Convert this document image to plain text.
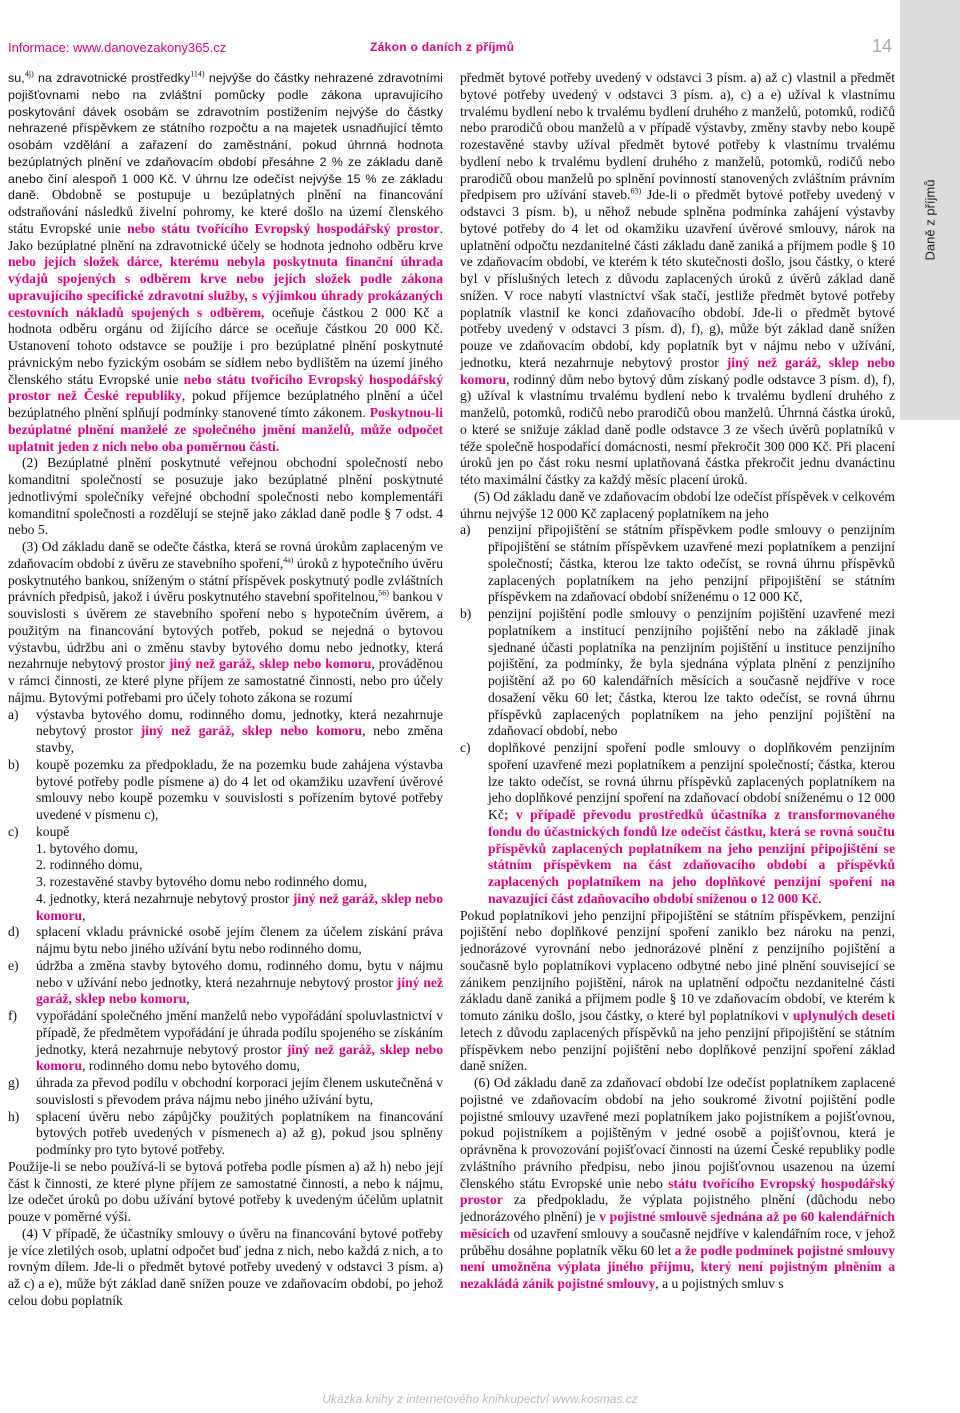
Informace: www.danovezakony365.cz	Zákon o daních z příjmů	14
Daně z příjmů

su,$^{4j)}$ na zdravotnické prostředky$^{114)}$ nejvýše do částky nehrazené zdravotními pojišťovnami nebo na zvláštní pomůcky podle zákona upravujícího poskytování dávek osobám se zdravotním postižením nejvýše do částky nehrazené příspěvkem ze státního rozpočtu a na majetek usnadňující těmto osobám vzdělání a zařazení do zaměstnání, pokud úhrnná hodnota bezúplatných plnění ve zdaňovacím období přesáhne 2 % ze základu daně anebo činí alespoň 1 000 Kč. V úhrnu lze odečíst nejvýše 15 % ze základu daně. Obdobně se postupuje u bezúplatných plnění na financování odstraňování následků živelní pohromy, ke které došlo na území členského státu Evropské unie nebo státu tvořícího Evropský hospodářský prostor. Jako bezúplatné plnění na zdravotnické účely se hodnota jednoho odběru krve nebo jejích složek dárce, kterému nebyla poskytnuta finanční úhrada výdajů spojených s odběrem krve nebo jejích složek podle zákona upravujícího specifické zdravotní služby, s výjimkou úhrady prokázaných cestovních nákladů spojených s odběrem, oceňuje částkou 2 000 Kč a hodnota odběru orgánu od žijícího dárce se oceňuje částkou 20 000 Kč. Ustanovení tohoto odstavce se použije i pro bezúplatné plnění poskytnuté právnickým nebo fyzickým osobám se sídlem nebo bydlištěm na území jiného členského státu Evropské unie nebo státu tvořícího Evropský hospodářský prostor než České republiky, pokud příjemce bezúplatného plnění a účel bezúplatného plnění splňují podmínky stanovené tímto zákonem. Poskytnou-li bezúplatné plnění manželé ze společného jmění manželů, může odpočet uplatnit jeden z nich nebo oba poměrnou částí.

(2) Bezúplatné plnění poskytnuté veřejnou obchodní společností nebo komanditní společností se posuzuje jako bezúplatné plnění poskytnuté jednotlivými společníky veřejné obchodní společnosti nebo komplementáři komanditní společnosti a rozdělují se stejně jako základ daně podle § 7 odst. 4 nebo 5.

(3) Od základu daně se odečte částka, která se rovná úrokům zaplaceným ve zdaňovacím období z úvěru ze stavebního spoření,$^{4a)}$ úroků z hypotečního úvěru poskytnutého bankou, sníženým o státní příspěvek poskytnutý podle zvláštních právních předpisů, jakož i úvěru poskytnutého stavební spořitelnou,$^{56)}$ bankou v souvislosti s úvěrem ze stavebního spoření nebo s hypotečním úvěrem, a použitým na financování bytových potřeb, pokud se nejedná o bytovou výstavbu, údržbu ani o změnu stavby bytového domu nebo jednotky, která nezahrnuje nebytový prostor jiný než garáž, sklep nebo komoru, prováděnou v rámci činnosti, ze které plyne příjem ze samostatné činnosti, nebo pro účely nájmu. Bytovými potřebami pro účely tohoto zákona se rozumí

a)	výstavba bytového domu, rodinného domu, jednotky, která nezahrnuje nebytový prostor jiný než garáž, sklep nebo komoru, nebo změna stavby,
b)	koupě pozemku za předpokladu, že na pozemku bude zahájena výstavba bytové potřeby podle písmene a) do 4 let od okamžiku uzavření úvěrové smlouvy nebo koupě pozemku v souvislosti s pořízením bytové potřeby uvedené v písmenu c),
c)	koupě
1. bytového domu,
2. rodinného domu,
3. rozestavěné stavby bytového domu nebo rodinného domu,
4. jednotky, která nezahrnuje nebytový prostor jiný než garáž, sklep nebo komoru,
d)	splacení vkladu právnické osobě jejím členem za účelem získání práva nájmu bytu nebo jiného užívání bytu nebo rodinného domu,
e)	údržba a změna stavby bytového domu, rodinného domu, bytu v nájmu nebo v užívání nebo jednotky, která nezahrnuje nebytový prostor jiný než garáž, sklep nebo komoru,
f)	vypořádání společného jmění manželů nebo vypořádání spoluvlastnictví v případě, že předmětem vypořádání je úhrada podílu spojeného se získáním jednotky, která nezahrnuje nebytový prostor jiný než garáž, sklep nebo komoru, rodinného domu nebo bytového domu,
g)	úhrada za převod podílu v obchodní korporaci jejím členem uskutečněná v souvislosti s převodem práva nájmu nebo jiného užívání bytu,
h)	splacení úvěru nebo zápůjčky použitých poplatníkem na financování bytových potřeb uvedených v písmenech a) až g), pokud jsou splněny podmínky pro tyto bytové potřeby.

Použije-li se nebo používá-li se bytová potřeba podle písmen a) až h) nebo její část k činnosti, ze které plyne příjem ze samostatné činnosti, a nebo k nájmu, lze odečet úroků po dobu užívání bytové potřeby k uvedeným účelům uplatnit pouze v poměrné výši.

(4) V případě, že účastníky smlouvy o úvěru na financování bytové potřeby je více zletilých osob, uplatní odpočet buď jedna z nich, nebo každá z nich, a to rovným dílem. Jde-li o předmět bytové potřeby uvedený v odstavci 3 písm. a) až c) a e), může být základ daně snížen pouze ve zdaňovacím období, po jehož celou dobu poplatník

předmět bytové potřeby uvedený v odstavci 3 písm. a) až c) vlastnil a předmět bytové potřeby uvedený v odstavci 3 písm. a), c) a e) užíval k vlastnímu trvalému bydlení nebo k trvalému bydlení druhého z manželů, potomků, rodičů nebo prarodičů obou manželů a v případě výstavby, změny stavby nebo koupě rozestavěné stavby užíval předmět bytové potřeby k vlastnímu trvalému bydlení nebo k trvalému bydlení druhého z manželů, potomků, rodičů nebo prarodičů obou manželů po splnění povinností stanovených zvláštním právním předpisem pro užívání staveb.$^{63)}$ Jde-li o předmět bytové potřeby uvedený v odstavci 3 písm. b), u něhož nebude splněna podmínka zahájení výstavby bytové potřeby do 4 let od okamžiku uzavření úvěrové smlouvy, nárok na uplatnění odpočtu nezdanitelné části základu daně zaniká a příjmem podle § 10 ve zdaňovacím období, ve kterém k této skutečnosti došlo, jsou částky, o které byl v příslušných letech z důvodu zaplacených úroků z úvěrů základ daně snížen. V roce nabytí vlastnictví však stačí, jestliže předmět bytové potřeby poplatník vlastnil ke konci zdaňovacího období. Jde-li o předmět bytové potřeby uvedený v odstavci 3 písm. d), f), g), může být základ daně snížen pouze ve zdaňovacím období, kdy poplatník byt v nájmu nebo v užívání, jednotku, která nezahrnuje nebytový prostor jiný než garáž, sklep nebo komoru, rodinný dům nebo bytový dům získaný podle odstavce 3 písm. d), f), g) užíval k vlastnímu trvalému bydlení nebo k trvalému bydlení druhého z manželů, potomků, rodičů nebo prarodičů obou manželů. Úhrnná částka úroků, o které se snižuje základ daně podle odstavce 3 ze všech úvěrů poplatníků v téže společně hospodařící domácnosti, nesmí překročit 300 000 Kč. Při placení úroků jen po část roku nesmí uplatňovaná částka překročit jednu dvanáctinu této maximální částky za každý měsíc placení úroků.

(5) Od základu daně ve zdaňovacím období lze odečíst příspěvek v celkovém úhrnu nejvýše 12 000 Kč zaplacený poplatníkem na jeho

a)	penzijní připojištění se státním příspěvkem podle smlouvy o penzijním připojištění se státním příspěvkem uzavřené mezi poplatníkem a penzijní společností; částka, kterou lze takto odečíst, se rovná úhrnu příspěvků zaplacených poplatníkem na jeho penzijní připojištění se státním příspěvkem na zdaňovací období sníženému o 12 000 Kč,
b)	penzijní pojištění podle smlouvy o penzijním pojištění uzavřené mezi poplatníkem a institucí penzijního pojištění nebo na základě jinak sjednané účasti poplatníka na penzijním pojištění u instituce penzijního pojištění, za podmínky, že byla sjednána výplata plnění z penzijního pojištění až po 60 kalendářních měsících a současně nejdříve v roce dosažení věku 60 let; částka, kterou lze takto odečíst, se rovná úhrnu příspěvků zaplacených poplatníkem na jeho penzijní pojištění na zdaňovací období, nebo
c)	doplňkové penzijní spoření podle smlouvy o doplňkovém penzijním spoření uzavřené mezi poplatníkem a penzijní společností; částka, kterou lze takto odečíst, se rovná úhrnu příspěvků zaplacených poplatníkem na jeho doplňkové penzijní spoření na zdaňovací období sníženému o 12 000 Kč; v případě převodu prostředků účastníka z transformovaného fondu do účastnických fondů lze odečíst částku, která se rovná součtu příspěvků zaplacených poplatníkem na jeho penzijní připojištění se státním příspěvkem na část zdaňovacího období a příspěvků zaplacených poplatníkem na jeho doplňkové penzijní spoření na navazující část zdaňovacího období sníženou o 12 000 Kč.

Pokud poplatníkovi jeho penzijní připojištění se státním příspěvkem, penzijní pojištění nebo doplňkové penzijní spoření zaniklo bez nároku na penzi, jednorázové vyrovnání nebo jednorázové plnění z penzijního pojištění a současně bylo poplatníkovi vyplaceno odbytné nebo jiné plnění související se zánikem penzijního pojištění, nárok na uplatnění odpočtu nezdanitelné části základu daně zaniká a příjmem podle § 10 ve zdaňovacím období, ve kterém k tomuto zániku došlo, jsou částky, o které byl poplatníkovi v uplynulých deseti letech z důvodu zaplacených příspěvků na jeho penzijní připojištění se státním příspěvkem nebo penzijní pojištění nebo doplňkové penzijní spoření základ daně snížen.

(6) Od základu daně za zdaňovací období lze odečíst poplatníkem zaplacené pojistné ve zdaňovacím období na jeho soukromé životní pojištění podle pojistné smlouvy uzavřené mezi poplatníkem jako pojistníkem a pojišťovnou, pokud pojistníkem a pojištěným v jedné osobě a pojišťovnou, která je oprávněna k provozování pojišťovací činnosti na území České republiky podle zvláštního právního předpisu, nebo jinou pojišťovnou usazenou na území členského státu Evropské unie nebo státu tvořícího Evropský hospodářský prostor za předpokladu, že výplata pojistného plnění (důchodu nebo jednorázového plnění) je v pojistné smlouvě sjednána až po 60 kalendářních měsících od uzavření smlouvy a současně nejdříve v kalendářním roce, v jehož průběhu dosáhne poplatník věku 60 let a že podle podmínek pojistné smlouvy není umožněna výplata jiného příjmu, který není pojistným plněním a nezakládá zánik pojistné smlouvy, a u pojistných smluv s

Ukázka knihy z internetového knihkupectví www.kosmas.cz
